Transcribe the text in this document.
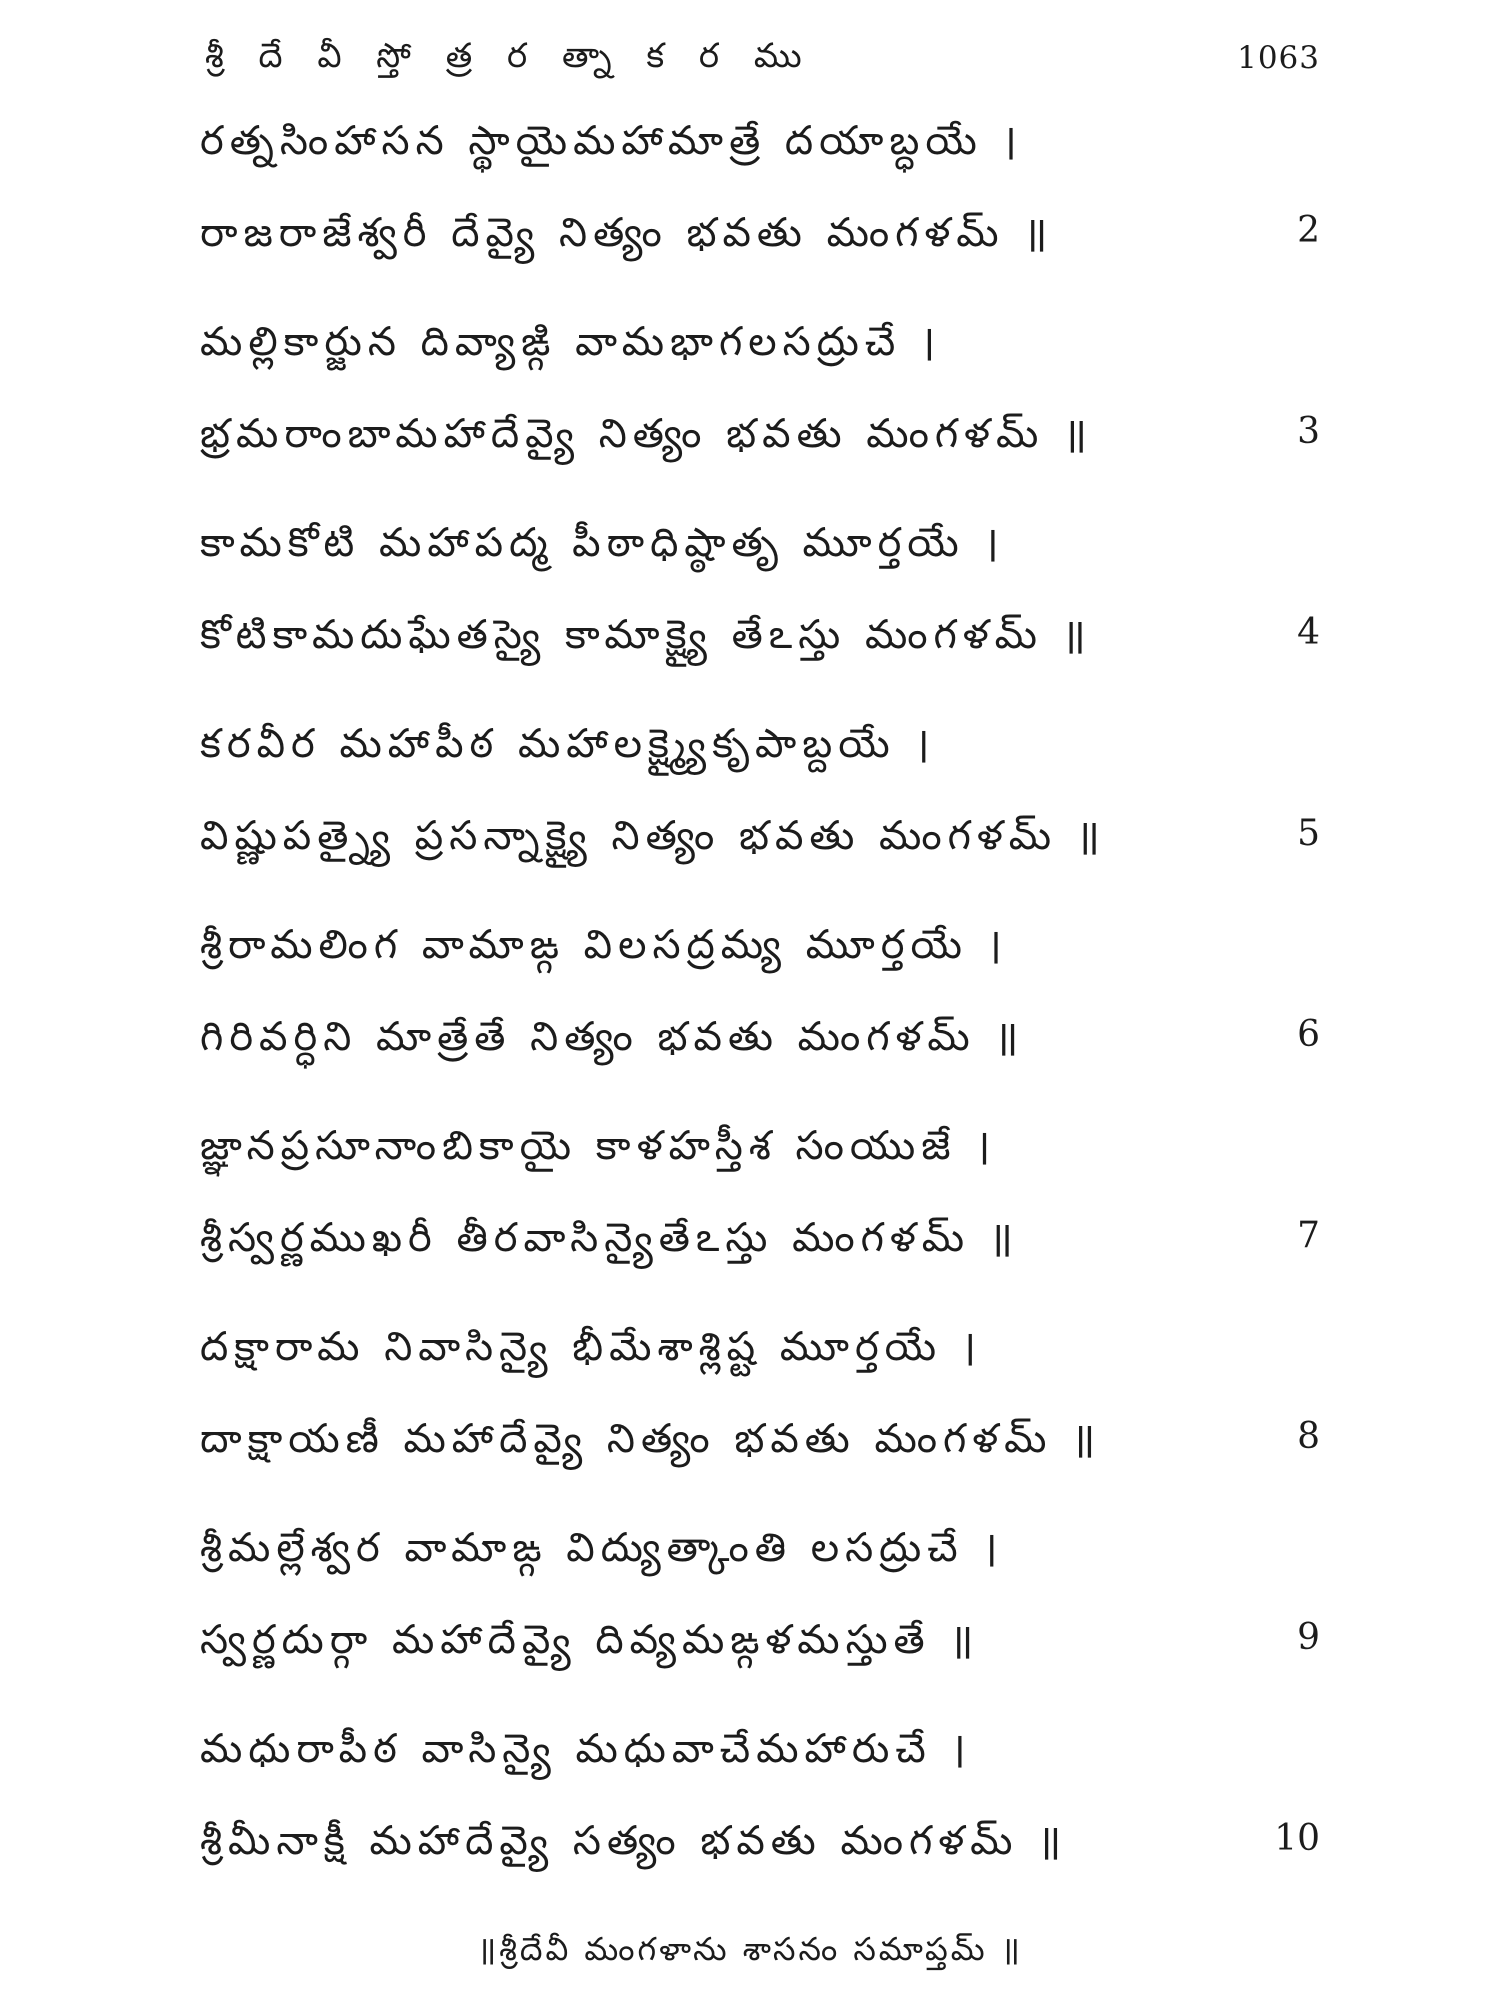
శ్రీ దే వీ స్తో త్ర ర త్నా క ర ము	1063
రత్నసింహాసన స్థాయైమహామాత్రే దయాబ్ధయే ।
రాజరాజేశ్వరీ దేవ్యై నిత్యం భవతు మంగళమ్ ॥	2
మల్లికార్జున దివ్యాఙ్గి వామభాగలసద్రుచే ।
భ్రమరాంబామహాదేవ్యై నిత్యం భవతు మంగళమ్ ॥	3
కామకోటి మహాపద్మ పీఠాధిష్ఠాతృ మూర్తయే ।
కోటికామదుఘేతస్యై కామాక్ష్యై తేఽస్తు మంగళమ్ ॥	4
కరవీర మహాపీఠ మహాలక్ష్మ్యైకృపాబ్దయే ।
విష్ణుపత్న్యై ప్రసన్నాక్ష్యై నిత్యం భవతు మంగళమ్ ॥	5
శ్రీరామలింగ వామాఙ్గ విలసద్రమ్య మూర్తయే ।
గిరివర్ధిని మాత్రేతే నిత్యం భవతు మంగళమ్ ॥	6
జ్ఞానప్రసూనాంబికాయై కాళహస్తీశ సంయుజే ।
శ్రీస్వర్ణముఖరీ తీరవాసిన్యైతేఽస్తు మంగళమ్ ॥	7
దక్షారామ నివాసిన్యై భీమేశాశ్లిష్ట మూర్తయే ।
దాక్షాయణీ మహాదేవ్యై నిత్యం భవతు మంగళమ్ ॥	8
శ్రీమల్లేశ్వర వామాఙ్గ విద్యుత్కాంతి లసద్రుచే ।
స్వర్ణదుర్గా మహాదేవ్యై దివ్యమఙ్గళమస్తుతే ॥	9
మధురాపీఠ వాసిన్యై మధువాచేమహారుచే ।
శ్రీమీనాక్షీ మహాదేవ్యై సత్యం భవతు మంగళమ్ ॥	10
॥శ్రీదేవీ మంగళాను శాసనం సమాప్తమ్ ॥
